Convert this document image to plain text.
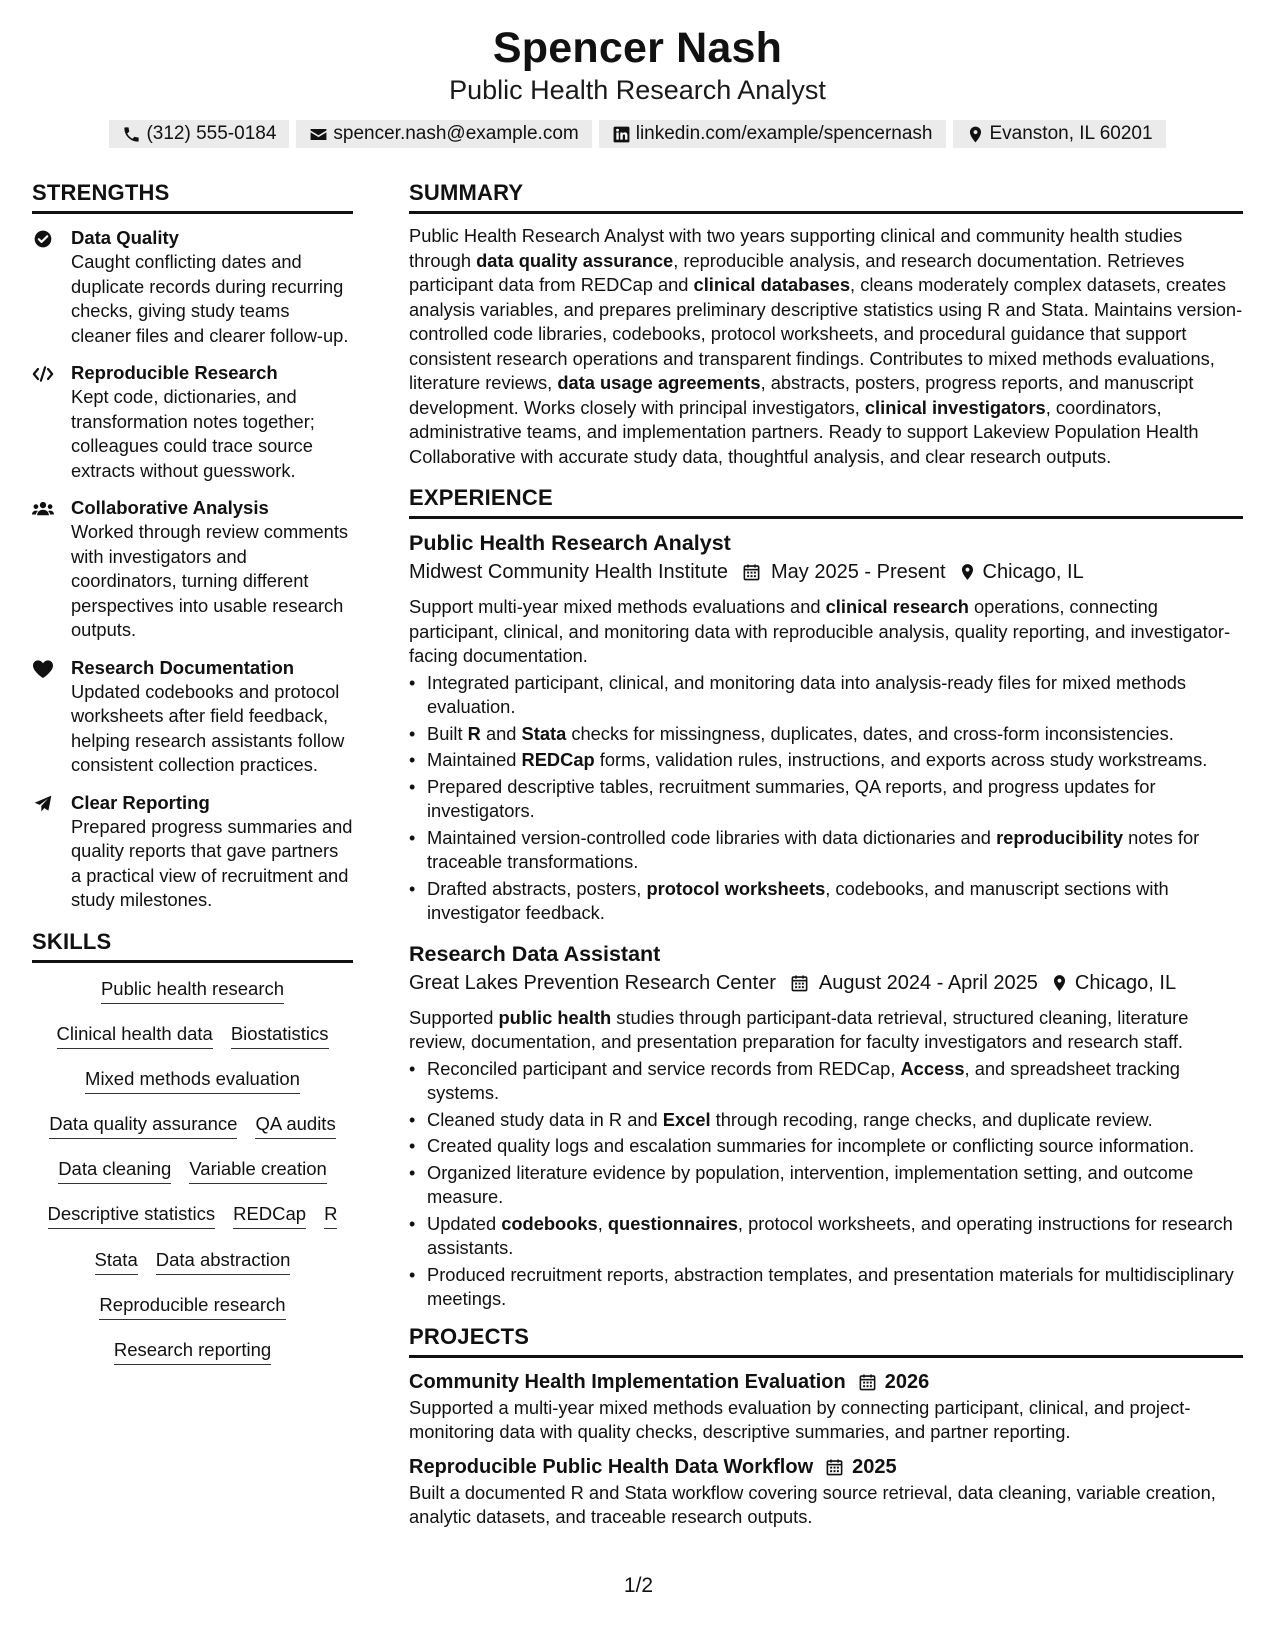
Spencer Nash
Public Health Research Analyst
(312) 555-0184	spencer.nash@example.com	linkedin.com/example/spencernash	Evanston, IL 60201
STRENGTHS
Data Quality
Caught conflicting dates and duplicate records during recurring checks, giving study teams cleaner files and clearer follow-up.
Reproducible Research
Kept code, dictionaries, and transformation notes together; colleagues could trace source extracts without guesswork.
Collaborative Analysis
Worked through review comments with investigators and coordinators, turning different perspectives into usable research outputs.
Research Documentation
Updated codebooks and protocol worksheets after field feedback, helping research assistants follow consistent collection practices.
Clear Reporting
Prepared progress summaries and quality reports that gave partners a practical view of recruitment and study milestones.
SKILLS
Public health research
Clinical health data Biostatistics
Mixed methods evaluation
Data quality assurance QA audits
Data cleaning Variable creation
Descriptive statistics REDCap R
Stata Data abstraction
Reproducible research
Research reporting
SUMMARY
Public Health Research Analyst with two years supporting clinical and community health studies through data quality assurance, reproducible analysis, and research documentation. Retrieves participant data from REDCap and clinical databases, cleans moderately complex datasets, creates analysis variables, and prepares preliminary descriptive statistics using R and Stata. Maintains version-controlled code libraries, codebooks, protocol worksheets, and procedural guidance that support consistent research operations and transparent findings. Contributes to mixed methods evaluations, literature reviews, data usage agreements, abstracts, posters, progress reports, and manuscript development. Works closely with principal investigators, clinical investigators, coordinators, administrative teams, and implementation partners. Ready to support Lakeview Population Health Collaborative with accurate study data, thoughtful analysis, and clear research outputs.
EXPERIENCE
Public Health Research Analyst
Midwest Community Health Institute May 2025 - Present Chicago, IL
Support multi-year mixed methods evaluations and clinical research operations, connecting participant, clinical, and monitoring data with reproducible analysis, quality reporting, and investigator-facing documentation.
• Integrated participant, clinical, and monitoring data into analysis-ready files for mixed methods evaluation.
• Built R and Stata checks for missingness, duplicates, dates, and cross-form inconsistencies.
• Maintained REDCap forms, validation rules, instructions, and exports across study workstreams.
• Prepared descriptive tables, recruitment summaries, QA reports, and progress updates for investigators.
• Maintained version-controlled code libraries with data dictionaries and reproducibility notes for traceable transformations.
• Drafted abstracts, posters, protocol worksheets, codebooks, and manuscript sections with investigator feedback.
Research Data Assistant
Great Lakes Prevention Research Center August 2024 - April 2025 Chicago, IL
Supported public health studies through participant-data retrieval, structured cleaning, literature review, documentation, and presentation preparation for faculty investigators and research staff.
• Reconciled participant and service records from REDCap, Access, and spreadsheet tracking systems.
• Cleaned study data in R and Excel through recoding, range checks, and duplicate review.
• Created quality logs and escalation summaries for incomplete or conflicting source information.
• Organized literature evidence by population, intervention, implementation setting, and outcome measure.
• Updated codebooks, questionnaires, protocol worksheets, and operating instructions for research assistants.
• Produced recruitment reports, abstraction templates, and presentation materials for multidisciplinary meetings.
PROJECTS
Community Health Implementation Evaluation 2026
Supported a multi-year mixed methods evaluation by connecting participant, clinical, and project-monitoring data with quality checks, descriptive summaries, and partner reporting.
Reproducible Public Health Data Workflow 2025
Built a documented R and Stata workflow covering source retrieval, data cleaning, variable creation, analytic datasets, and traceable research outputs.
1/2
